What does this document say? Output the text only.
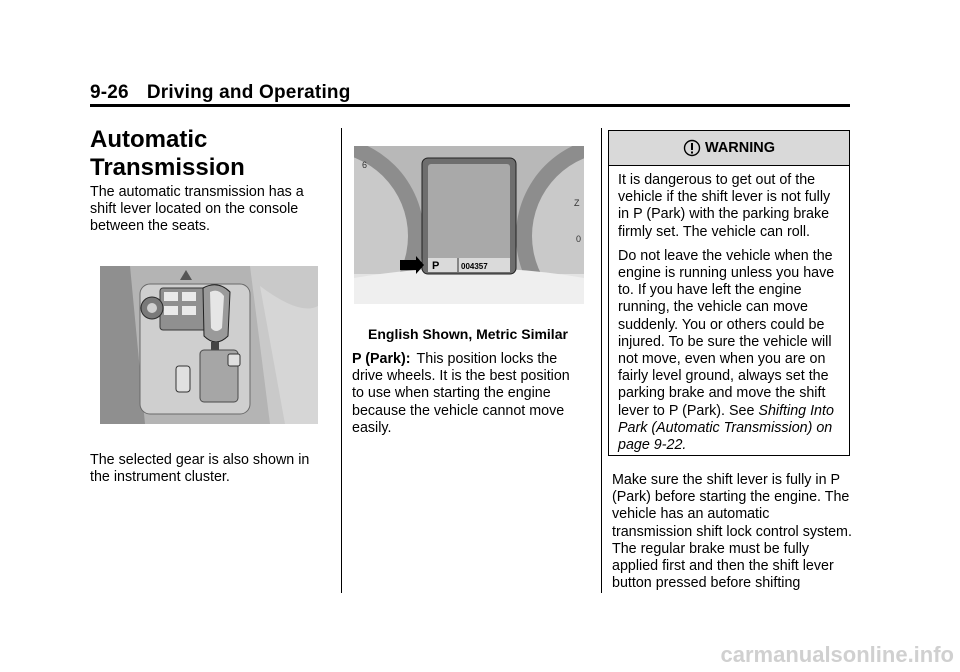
9-26 Driving and Operating
Automatic Transmission

The automatic transmission has a shift lever located on the console between the seats.

The selected gear is also shown in the instrument cluster.

6
Z
0
P	004357
English Shown, Metric Similar

P (Park): This position locks the drive wheels. It is the best position to use when starting the engine because the vehicle cannot move easily.

WARNING

It is dangerous to get out of the vehicle if the shift lever is not fully in P (Park) with the parking brake firmly set. The vehicle can roll.

Do not leave the vehicle when the engine is running unless you have to. If you have left the engine running, the vehicle can move suddenly. You or others could be injured. To be sure the vehicle will not move, even when you are on fairly level ground, always set the parking brake and move the shift lever to P (Park). See Shifting Into Park (Automatic Transmission) on page 9-22.

Make sure the shift lever is fully in P (Park) before starting the engine. The vehicle has an automatic transmission shift lock control system. The regular brake must be fully applied first and then the shift lever button pressed before shifting

carmanualsonline.info
